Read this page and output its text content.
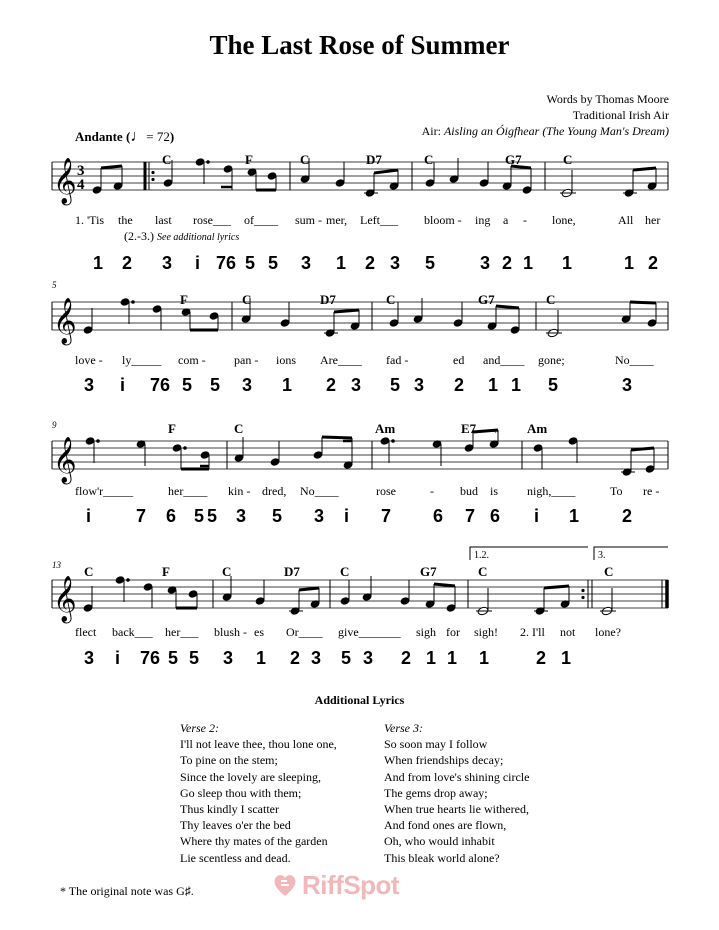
The Last Rose of Summer
Words by Thomas Moore
Traditional Irish Air
Air: Aisling an Óigfhear (The Young Man's Dream)
Andante (♩= 72)
𝄞
𝄞
𝄞
𝄞
3
4
C	F	C	D7	C	G7	C
1. 'Tis the last rose___ of____ sum - mer, Left___ bloom - ing a - lone,	All her
(2.-3.) See additional lyrics
1 2 3 i 76 5 5 3 1 2 3 5 3 2 1 1	1 2
5
F	C	D7	C	G7	C
love - ly_____ com - pan - ions Are____ fad -	ed and____ gone;	No____
3 i 76 5 5 3 1 2 3 5 3 2 1 1 5	3
9	F	C	Am	E7	Am
*
flow'r_____	her____ kin - dred, No____	rose	- bud is nigh,____	To re -
i 7 6 5 5 3 5 3 i 7 6 7 6 i 1 2
13
1.2.	3.
C	F	C	D7	C	G7	C	C
flect back___ her___ blush - es Or____ give_______ sigh for sigh! 2. I'll not lone?
3 i 76 5 5 3 1 2 3 5 3 2 1 1 1	2 1
Additional Lyrics
Verse 2:
I'll not leave thee, thou lone one,
To pine on the stem;
Since the lovely are sleeping,
Go sleep thou with them;
Thus kindly I scatter
Thy leaves o'er the bed
Where thy mates of the garden
Lie scentless and dead.
Verse 3:
So soon may I follow
When friendships decay;
And from love's shining circle
The gems drop away;
When true hearts lie withered,
And fond ones are flown,
Oh, who would inhabit
This bleak world alone?
* The original note was G♯.	RiffSpot
